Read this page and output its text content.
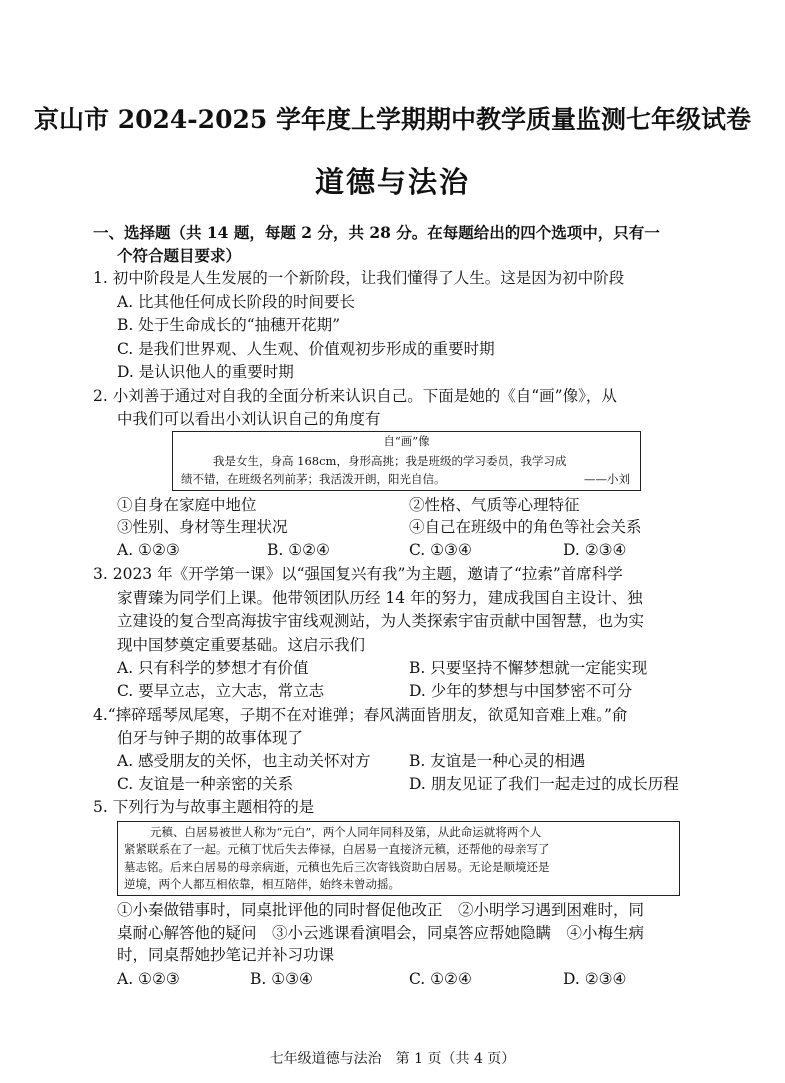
京山市 2024-2025 学年度上学期期中教学质量监测七年级试卷
道德与法治
一、选择题（共 14 题，每题 2 分，共 28 分。在每题给出的四个选项中，只有一
个符合题目要求）
1. 初中阶段是人生发展的一个新阶段，让我们懂得了人生。这是因为初中阶段
A. 比其他任何成长阶段的时间要长
B. 处于生命成长的“抽穗开花期”
C. 是我们世界观、人生观、价值观初步形成的重要时期
D. 是认识他人的重要时期
2. 小刘善于通过对自我的全面分析来认识自己。下面是她的《自“画”像》，从
中我们可以看出小刘认识自己的角度有
自“画”像
我是女生，身高 168cm，身形高挑；我是班级的学习委员，我学习成
绩不错，在班级名列前茅；我活泼开朗，阳光自信。	——小刘
①自身在家庭中地位	②性格、气质等心理特征
③性别、身材等生理状况	④自己在班级中的角色等社会关系
A. ①②③	B. ①②④	C. ①③④	D. ②③④
3. 2023 年《开学第一课》以“强国复兴有我”为主题，邀请了“拉索”首席科学
家曹臻为同学们上课。他带领团队历经 14 年的努力，建成我国自主设计、独
立建设的复合型高海拔宇宙线观测站，为人类探索宇宙贡献中国智慧，也为实
现中国梦奠定重要基础。这启示我们
A. 只有科学的梦想才有价值	B. 只要坚持不懈梦想就一定能实现
C. 要早立志，立大志，常立志	D. 少年的梦想与中国梦密不可分
4.“摔碎瑶琴凤尾寒，子期不在对谁弹；春风满面皆朋友，欲觅知音难上难。”俞
伯牙与钟子期的故事体现了
A. 感受朋友的关怀，也主动关怀对方 B. 友谊是一种心灵的相遇
C. 友谊是一种亲密的关系	D. 朋友见证了我们一起走过的成长历程
5. 下列行为与故事主题相符的是
元稹、白居易被世人称为“元白”，两个人同年同科及第，从此命运就将两个人
紧紧联系在了一起。元稹丁忧后失去俸禄，白居易一直接济元稹，还帮他的母亲写了
墓志铭。后来白居易的母亲病逝，元稹也先后三次寄钱资助白居易。无论是顺境还是
逆境，两个人都互相依靠，相互陪伴，始终未曾动摇。
①小秦做错事时，同桌批评他的同时督促他改正　②小明学习遇到困难时，同
桌耐心解答他的疑问　③小云逃课看演唱会，同桌答应帮她隐瞒　④小梅生病
时，同桌帮她抄笔记并补习功课
A. ①②③	B. ①③④	C. ①②④	D. ②③④
七年级道德与法治　第 1 页（共 4 页）
